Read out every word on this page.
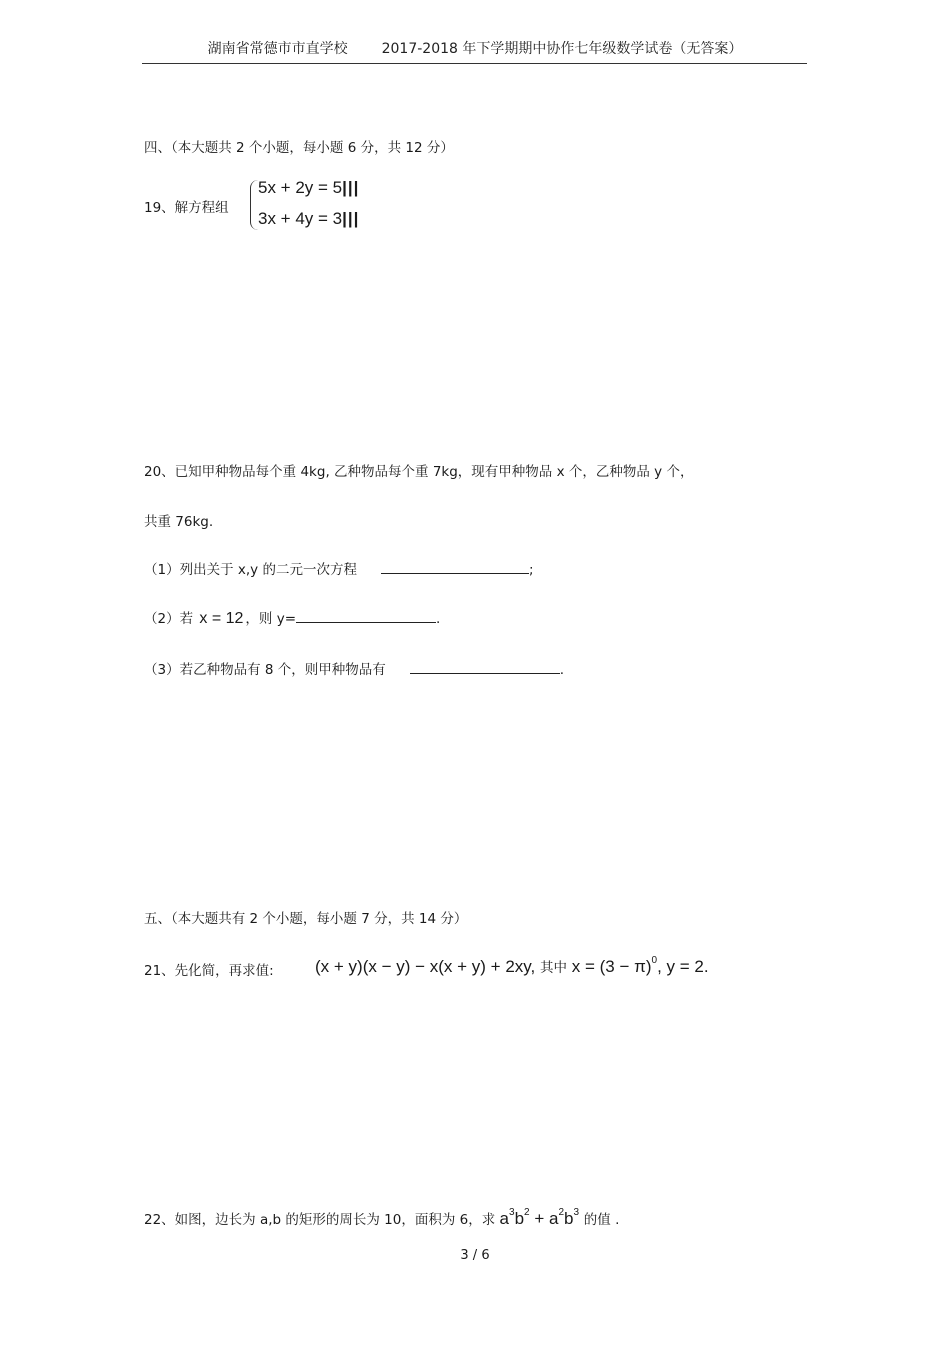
湖南省常德市市直学校 2017-2018 年下学期期中协作七年级数学试卷（无答案）
四、（本大题共 2 个小题，每小题 6 分，共 12 分）
19、解方程组
5x + 2y = 5|||
3x + 4y = 3|||
20、已知甲种物品每个重 4kg, 乙种物品每个重 7kg，现有甲种物品 x 个，乙种物品 y 个，
共重 76kg.
（1）列出关于 x,y 的二元一次方程	;
（2）若 x = 12 ，则 y=	.
（3）若乙种物品有 8 个，则甲种物品有	.
五、（本大题共有 2 个小题，每小题 7 分，共 14 分）
21、先化简，再求值: (x + y)(x − y) − x(x + y) + 2xy, 其中 $x = (3 - \pi)^0$, y = 2.
22、如图，边长为 a,b 的矩形的周长为 10，面积为 6，求 $a^3b^2 + a^2b^3$ 的值 .
3 / 6
